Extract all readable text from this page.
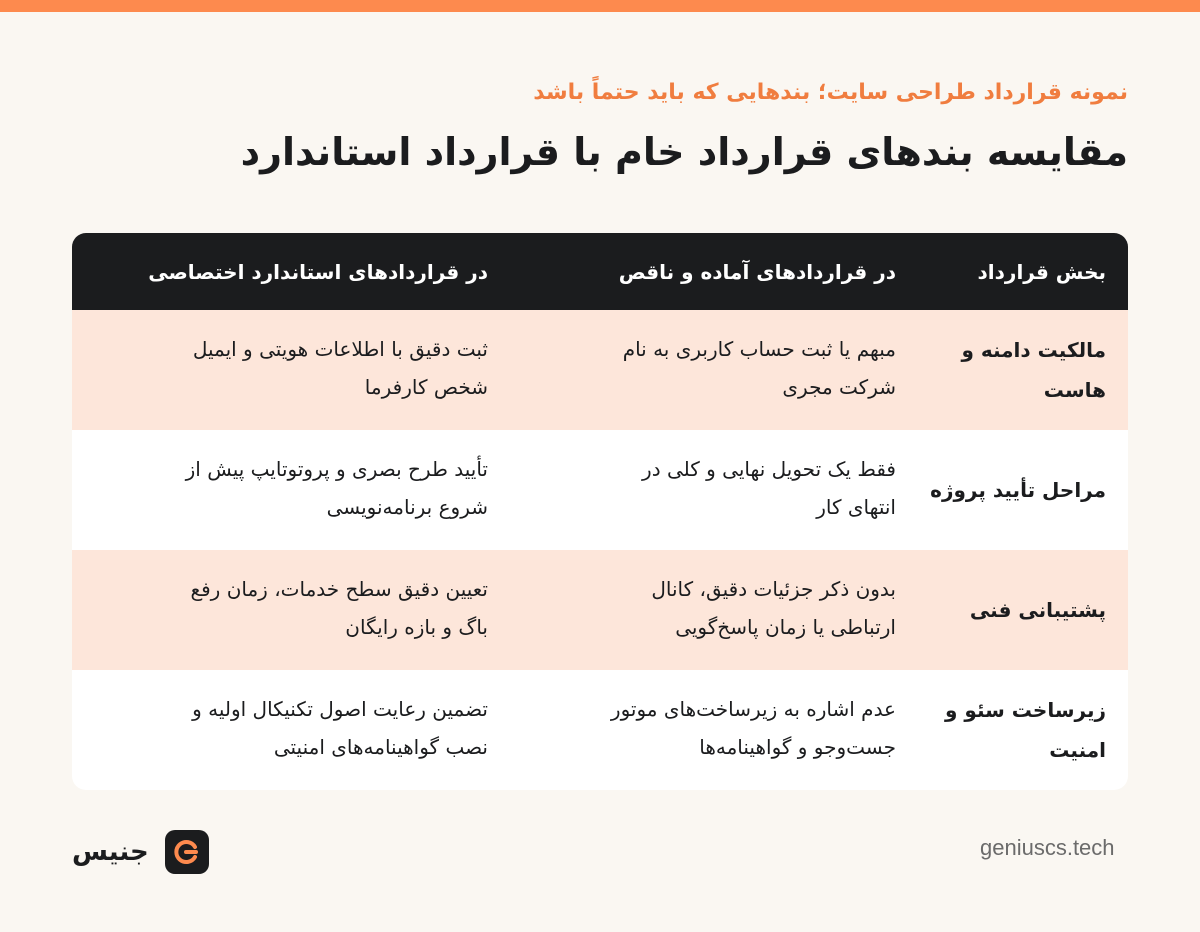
نمونه قرارداد طراحی سایت؛ بندهایی که باید حتماً باشد
مقایسه بندهای قرارداد خام با قرارداد استاندارد
بخش قرارداد
در قراردادهای آماده و ناقص
در قراردادهای استاندارد اختصاصی
مالکیت دامنه و هاست
مبهم یا ثبت حساب کاربری به نام
شرکت مجری
ثبت دقیق با اطلاعات هویتی و ایمیل
شخص کارفرما
مراحل تأیید پروژه
فقط یک تحویل نهایی و کلی در
انتهای کار
تأیید طرح بصری و پروتوتایپ پیش از
شروع برنامه‌نویسی
پشتیبانی فنی
بدون ذکر جزئیات دقیق، کانال
ارتباطی یا زمان پاسخ‌گویی
تعیین دقیق سطح خدمات، زمان رفع
باگ و بازه رایگان
زیرساخت سئو و امنیت
عدم اشاره به زیرساخت‌های موتور
جست‌وجو و گواهینامه‌ها
تضمین رعایت اصول تکنیکال اولیه و
نصب گواهینامه‌های امنیتی
جنیس	geniuscs.tech
